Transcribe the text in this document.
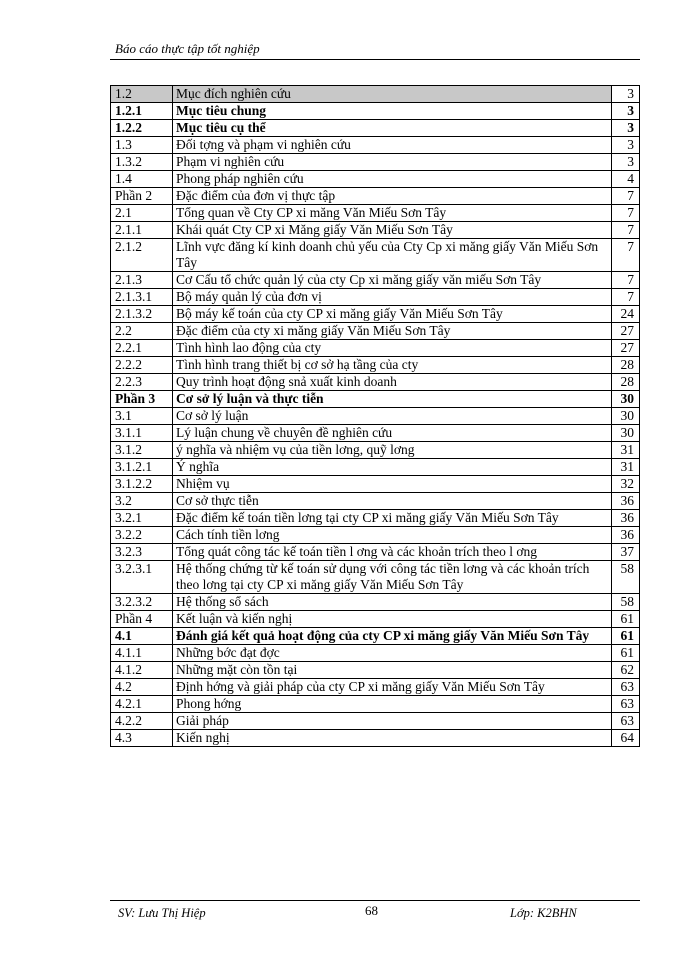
Báo cáo thực tập tốt nghiệp
1.2	Mục đích nghiên cứu	3
1.2.1	Mục tiêu chung	3
1.2.2	Mục tiêu cụ thể	3
1.3	Đối tợng và phạm vi nghiên cứu	3
1.3.2	Phạm vi nghiên cứu	3
1.4	Phong pháp nghiên cứu	4
Phần 2	Đặc điểm của đơn vị thực tập	7
2.1	Tổng quan về Cty CP xi măng Văn Miếu Sơn Tây	7
2.1.1	Khái quát Cty CP xi Măng giấy Văn Miếu Sơn Tây	7
2.1.2	Lĩnh vực đăng kí kinh doanh chủ yếu của Cty Cp xi măng giấy Văn Miếu Sơn Tây	7
2.1.3	Cơ Cấu tổ chức quản lý của cty Cp xi măng giấy văn miếu Sơn Tây	7
2.1.3.1	Bộ máy quản lý của đơn vị	7
2.1.3.2	Bộ máy kế toán của cty CP xi măng giấy Văn Miếu Sơn Tây	24
2.2	Đặc điểm của cty xi măng giấy Văn Miếu Sơn Tây	27
2.2.1	Tình hình lao động của cty	27
2.2.2	Tình hình trang thiết bị cơ sở hạ tầng của cty	28
2.2.3	Quy trình hoạt động snả xuất kinh doanh	28
Phần 3	Cơ sở lý luận và thực tiễn	30
3.1	Cơ sở lý luận	30
3.1.1	Lý luận chung về chuyên đề nghiên cứu	30
3.1.2	ý nghĩa và nhiệm vụ của tiền lơng, quỹ lơng	31
3.1.2.1	Ý nghĩa	31
3.1.2.2	Nhiệm vụ	32
3.2	Cơ sở thực tiễn	36
3.2.1	Đặc điểm kế toán tiền lơng tại cty CP xi măng giấy Văn Miếu Sơn Tây	36
3.2.2	Cách tính tiền lơng	36
3.2.3	Tổng quát công tác kế toán tiền l ơng và các khoản trích theo l ơng	37
3.2.3.1	Hệ thống chứng từ kế toán sử dụng với công tác tiền lơng và các khoản trích theo lơng tại cty CP xi măng giấy Văn Miếu Sơn Tây	58
3.2.3.2	Hệ thống sổ sách	58
Phần 4	Kết luận và kiến nghị	61
4.1	Đánh giá kết quả hoạt động của cty CP xi măng giấy Văn Miếu Sơn Tây	61
4.1.1	Những bớc đạt đợc	61
4.1.2	Những mặt còn tồn tại	62
4.2	Định hớng và giải pháp của cty CP xi măng giấy Văn Miếu Sơn Tây	63
4.2.1	Phong hớng	63
4.2.2	Giải pháp	63
4.3	Kiến nghị	64
SV: Lưu Thị Hiệp	68	Lớp: K2BHN
